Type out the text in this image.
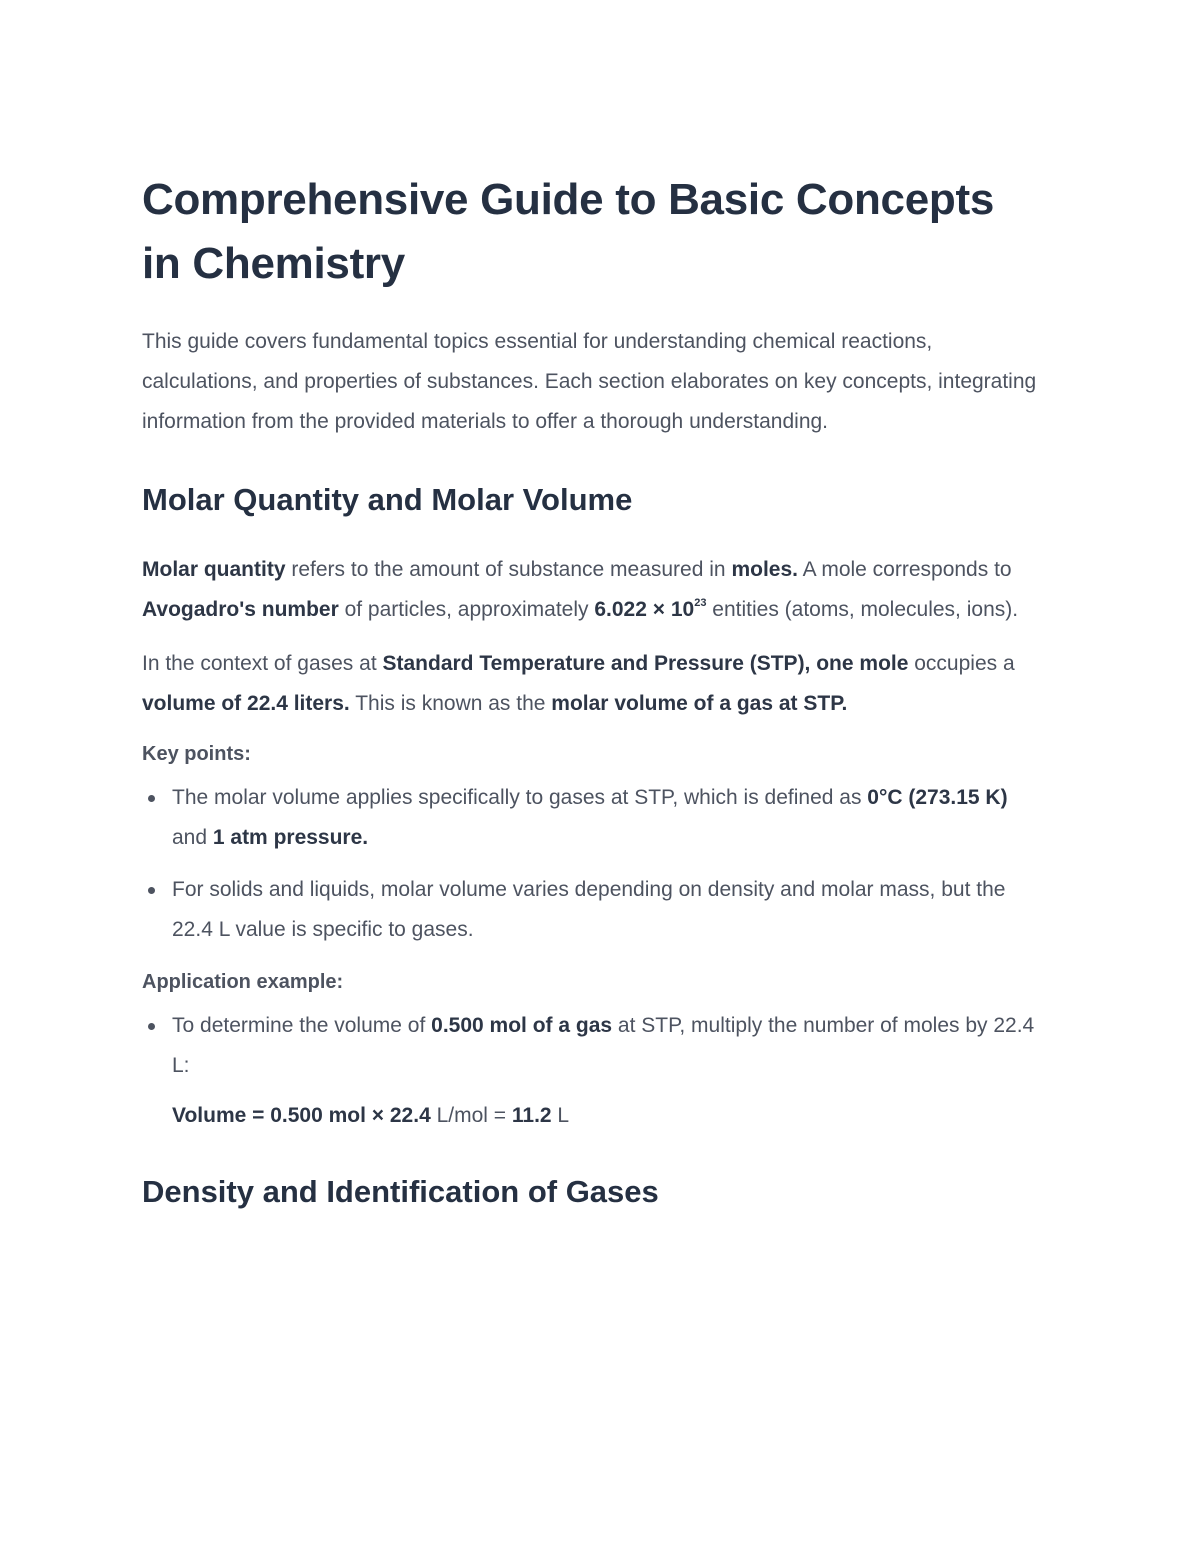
Comprehensive Guide to Basic Concepts in Chemistry

This guide covers fundamental topics essential for understanding chemical reactions, calculations, and properties of substances. Each section elaborates on key concepts, integrating information from the provided materials to offer a thorough understanding.

Molar Quantity and Molar Volume

Molar quantity refers to the amount of substance measured in moles. A mole corresponds to Avogadro's number of particles, approximately $6.022 \times 10^{23}$ entities (atoms, molecules, ions).

In the context of gases at Standard Temperature and Pressure (STP), one mole occupies a volume of 22.4 liters. This is known as the molar volume of a gas at STP.

Key points:

The molar volume applies specifically to gases at STP, which is defined as 0°C (273.15 K) and 1 atm pressure.
For solids and liquids, molar volume varies depending on density and molar mass, but the 22.4 L value is specific to gases.

Application example:

To determine the volume of 0.500 mol of a gas at STP, multiply the number of moles by 22.4 L:

Volume = 0.500 mol × 22.4 L/mol = 11.2 L

Density and Identification of Gases
